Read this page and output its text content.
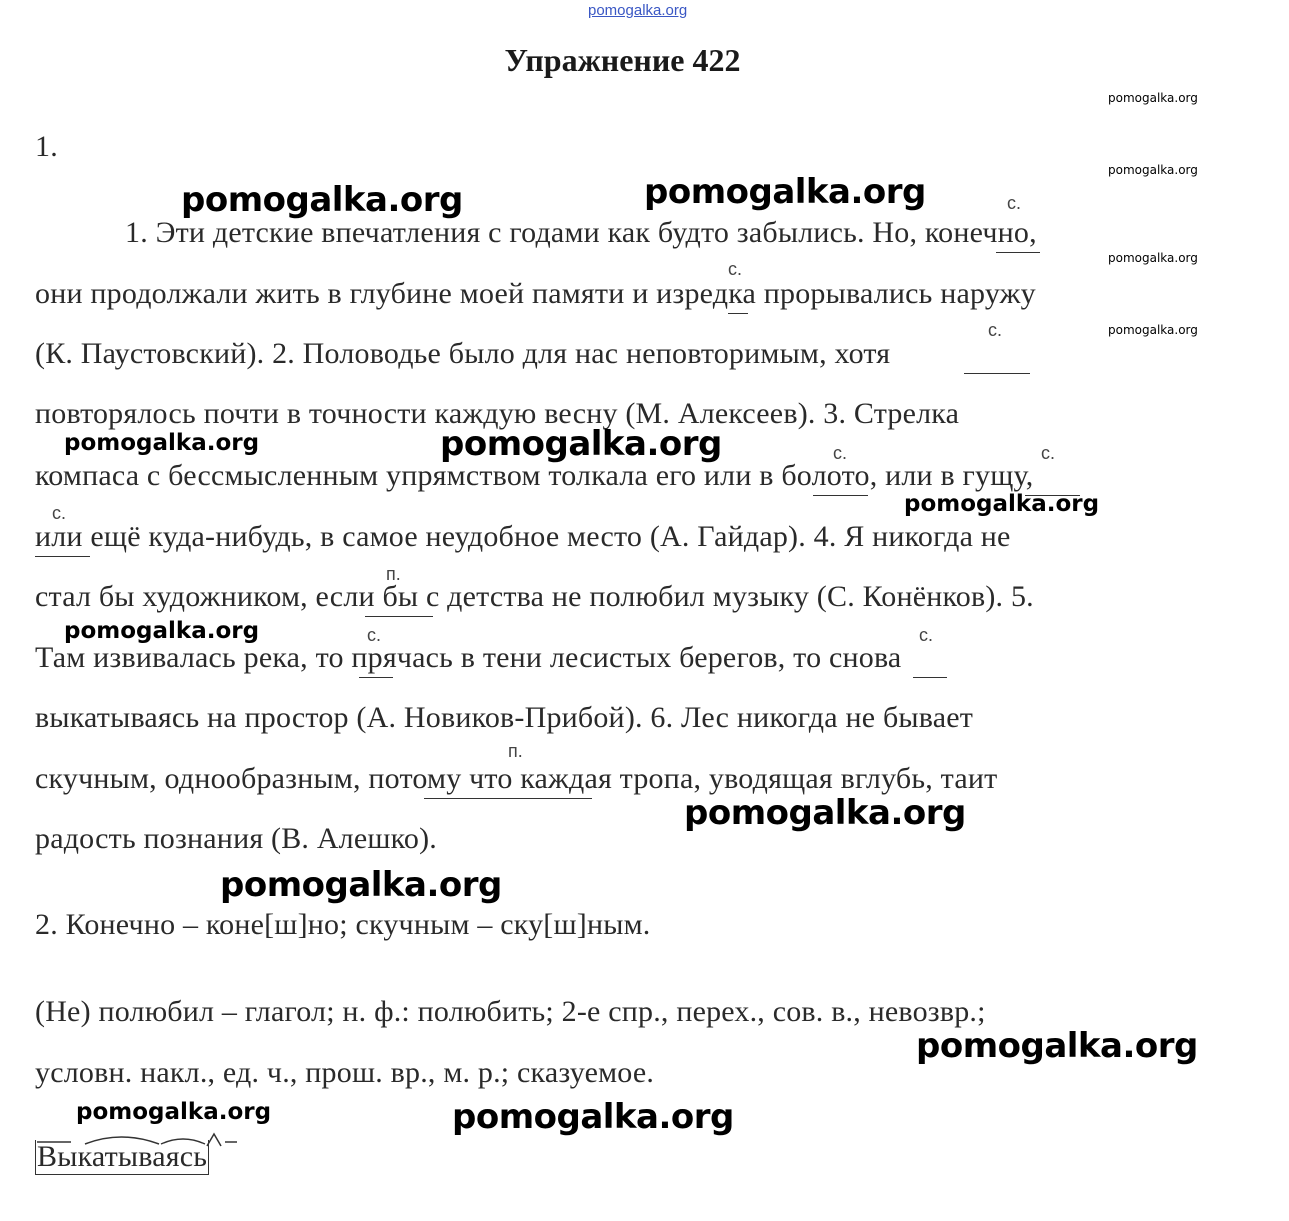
pomogalka.org
Упражнение 422
pomogalka.org
pomogalka.org
pomogalka.org
pomogalka.org
1.
pomogalka.org	pomogalka.org	с.
с.
с.
с.	с.
с.
п.
с.	с.
п.
1. Эти детские впечатления с годами как будто забылись. Но, конечно,
они продолжали жить в глубине моей памяти и изредка прорывались наружу
(К. Паустовский). 2. Половодье было для нас неповторимым, хотя
повторялось почти в точности каждую весну (М. Алексеев). 3. Стрелка
компаса с бессмысленным упрямством толкала его или в болото, или в гущу,
или ещё куда-нибудь, в самое неудобное место (А. Гайдар). 4. Я никогда не
стал бы художником, если бы с детства не полюбил музыку (С. Конёнков). 5.
Там извивалась река, то прячась в тени лесистых берегов, то снова
выкатываясь на простор (А. Новиков-Прибой). 6. Лес никогда не бывает
скучным, однообразным, потому что каждая тропа, уводящая вглубь, таит
радость познания (В. Алешко).
pomogalka.org	pomogalka.org
pomogalka.org
pomogalka.org
pomogalka.org
pomogalka.org
2. Конечно – коне[ш]но; скучным – ску[ш]ным.
(Не) полюбил – глагол; н. ф.: полюбить; 2-е спр., перех., сов. в., невозвр.;
условн. накл., ед. ч., прош. вр., м. р.; сказуемое.
pomogalka.org
pomogalka.org	pomogalka.org
Выкатываясь
